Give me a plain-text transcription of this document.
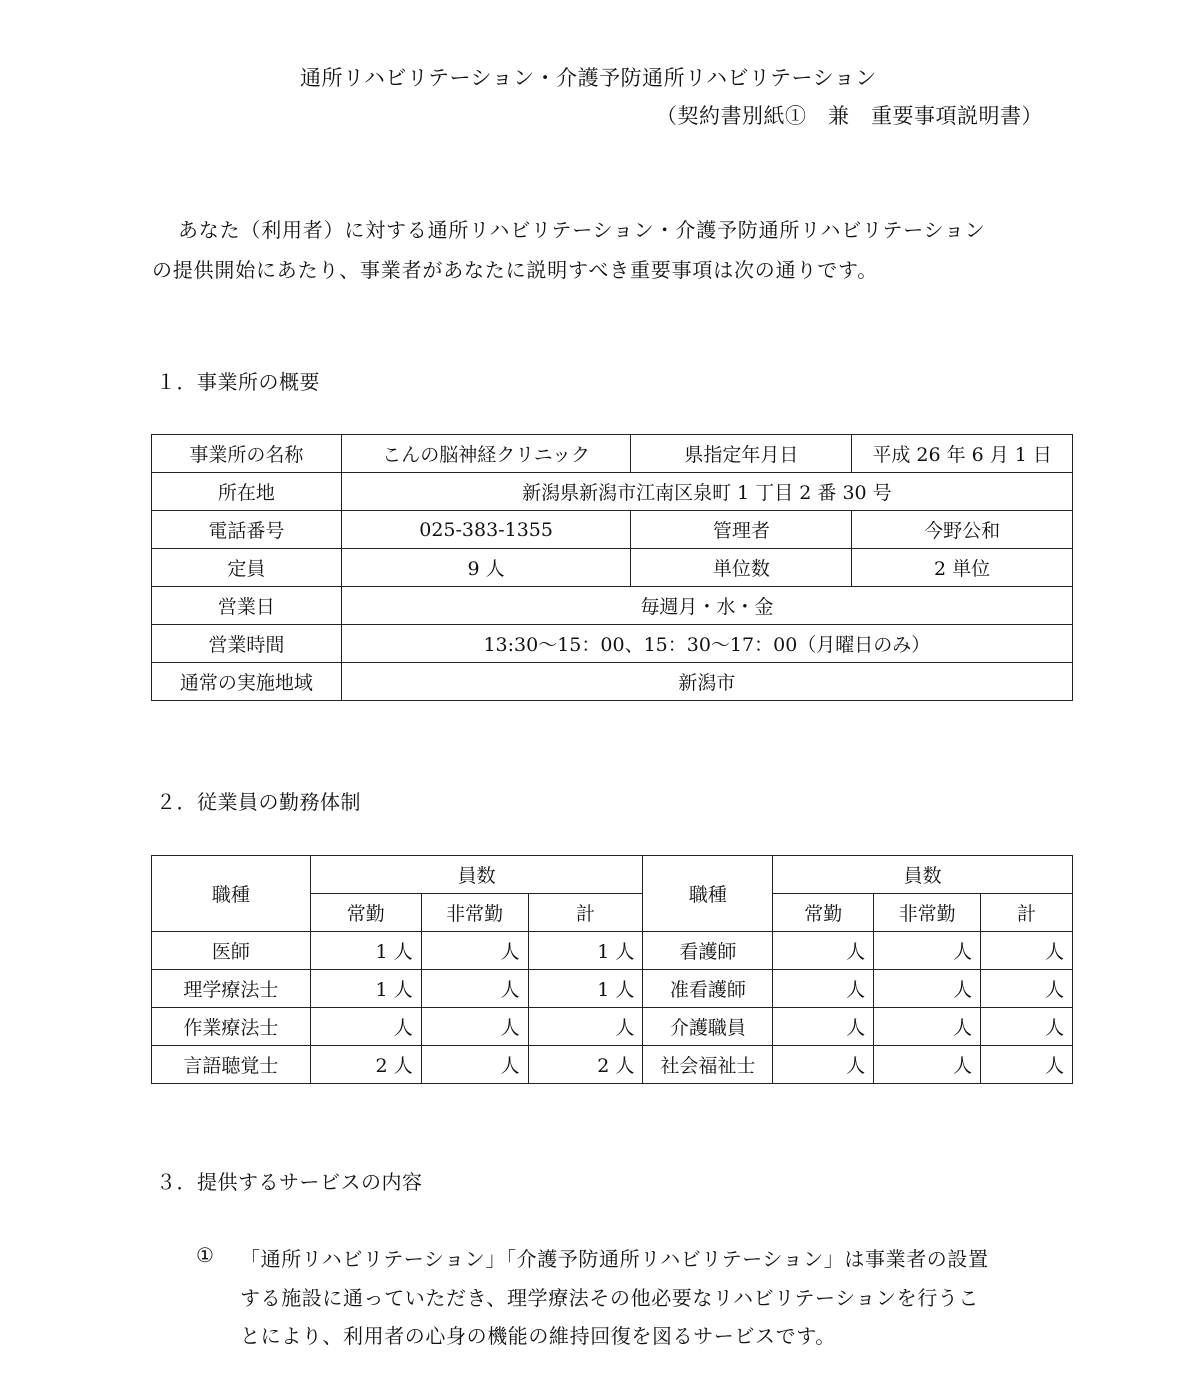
通所リハビリテーション・介護予防通所リハビリテーション
（契約書別紙①　兼　重要事項説明書）
あなた（利用者）に対する通所リハビリテーション・介護予防通所リハビリテーション
の提供開始にあたり、事業者があなたに説明すべき重要事項は次の通りです。
１．事業所の概要
事業所の名称	こんの脳神経クリニック	県指定年月日	平成 26 年 6 月 1 日
所在地	新潟県新潟市江南区泉町 1 丁目 2 番 30 号		
電話番号	025-383-1355	管理者	今野公和
定員	9 人	単位数	2 単位
営業日	毎週月・水・金		
営業時間	13:30～15：00、15：30～17：00（月曜日のみ）		
通常の実施地域	新潟市		
２．従業員の勤務体制
職種	員数			職種	員数		
	常勤	非常勤	計		常勤	非常勤	計
医師	1 人	人	1 人	看護師	人	人	人
理学療法士	1 人	人	1 人	准看護師	人	人	人
作業療法士	人	人	人	介護職員	人	人	人
言語聴覚士	2 人	人	2 人	社会福祉士	人	人	人
３．提供するサービスの内容
① 「通所リハビリテーション」「介護予防通所リハビリテーション」は事業者の設置
する施設に通っていただき、理学療法その他必要なリハビリテーションを行うこ
とにより、利用者の心身の機能の維持回復を図るサービスです。
